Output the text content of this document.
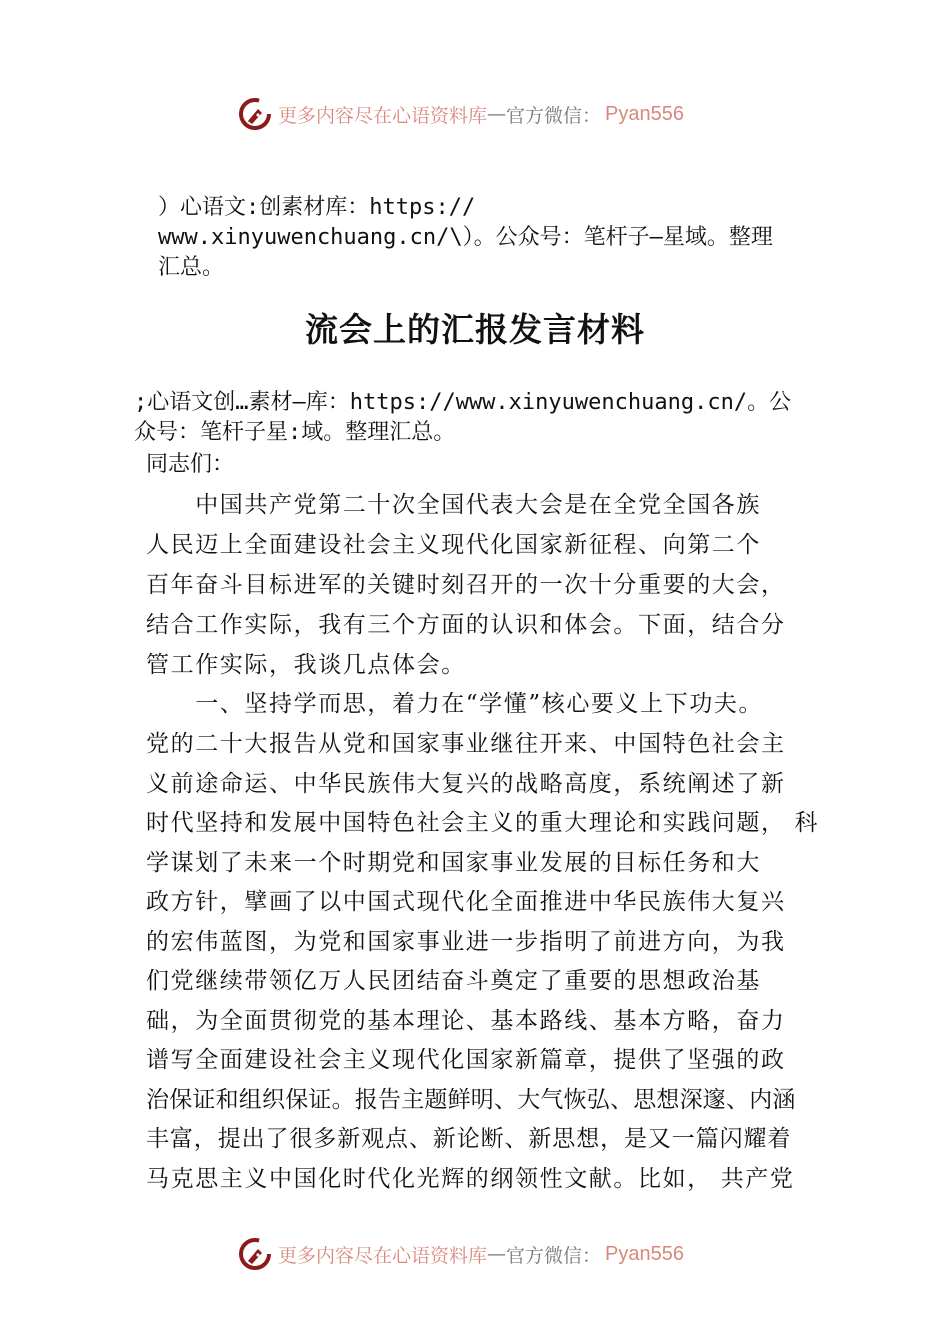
更多内容尽在心语资料库 — 官方微信： Pyan556
）心语文:创素材库：https://
www.xinyuwenchuang.cn/\）。公众号：笔杆子—星域。整理
汇总。
流会上的汇报发言材料
;心语文创…素材—库：https://www.xinyuwenchuang.cn/。公
众号：笔杆子星:域。整理汇总。
同志们：
　　中国共产党第二十次全国代表大会是在全党全国各族
人民迈上全面建设社会主义现代化国家新征程、向第二个
百年奋斗目标进军的关键时刻召开的一次十分重要的大会，
结合工作实际，我有三个方面的认识和体会。下面，结合分
管工作实际，我谈几点体会。
　　一、坚持学而思，着力在“学懂”核心要义上下功夫。
党的二十大报告从党和国家事业继往开来、中国特色社会主
义前途命运、中华民族伟大复兴的战略高度，系统阐述了新
时代坚持和发展中国特色社会主义的重大理论和实践问题， 科
学谋划了未来一个时期党和国家事业发展的目标任务和大
政方针，擘画了以中国式现代化全面推进中华民族伟大复兴
的宏伟蓝图，为党和国家事业进一步指明了前进方向，为我
们党继续带领亿万人民团结奋斗奠定了重要的思想政治基
础，为全面贯彻党的基本理论、基本路线、基本方略，奋力
谱写全面建设社会主义现代化国家新篇章，提供了坚强的政
治保证和组织保证。报告主题鲜明、大气恢弘、思想深邃、内涵
丰富，提出了很多新观点、新论断、新思想，是又一篇闪耀着
马克思主义中国化时代化光辉的纲领性文献。比如， 共产党
更多内容尽在心语资料库 — 官方微信： Pyan556
